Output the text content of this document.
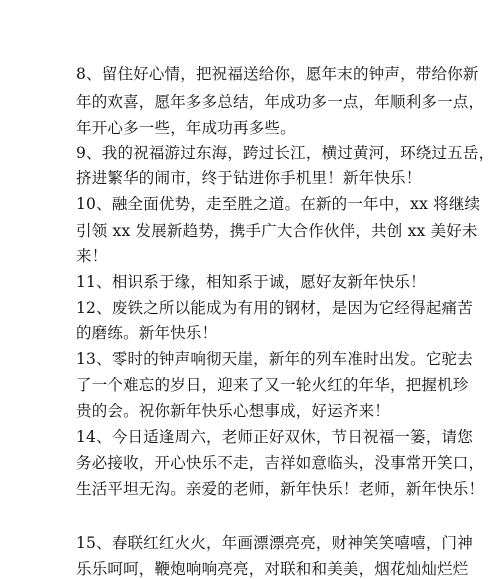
8、留住好心情，把祝福送给你，愿年末的钟声，带给你新
年的欢喜，愿年多多总结，年成功多一点，年顺利多一点，
年开心多一些，年成功再多些。
9、我的祝福游过东海，跨过长江，横过黄河，环绕过五岳，
挤进繁华的闹市，终于钻进你手机里！新年快乐！
10、融全面优势，走至胜之道。在新的一年中，xx 将继续
引领 xx 发展新趋势，携手广大合作伙伴，共创 xx 美好未
来！
11、相识系于缘，相知系于诚，愿好友新年快乐！
12、废铁之所以能成为有用的钢材，是因为它经得起痛苦
的磨练。新年快乐！
13、零时的钟声响彻天崖，新年的列车准时出发。它驼去
了一个难忘的岁日，迎来了又一轮火红的年华，把握机珍
贵的会。祝你新年快乐心想事成，好运齐来！
14、今日适逢周六，老师正好双休，节日祝福一篓，请您
务必接收，开心快乐不走，吉祥如意临头，没事常开笑口，
生活平坦无沟。亲爱的老师，新年快乐！老师，新年快乐！
15、春联红红火火，年画漂漂亮亮，财神笑笑嘻嘻，门神
乐乐呵呵，鞭炮响响亮亮，对联和和美美，烟花灿灿烂烂
